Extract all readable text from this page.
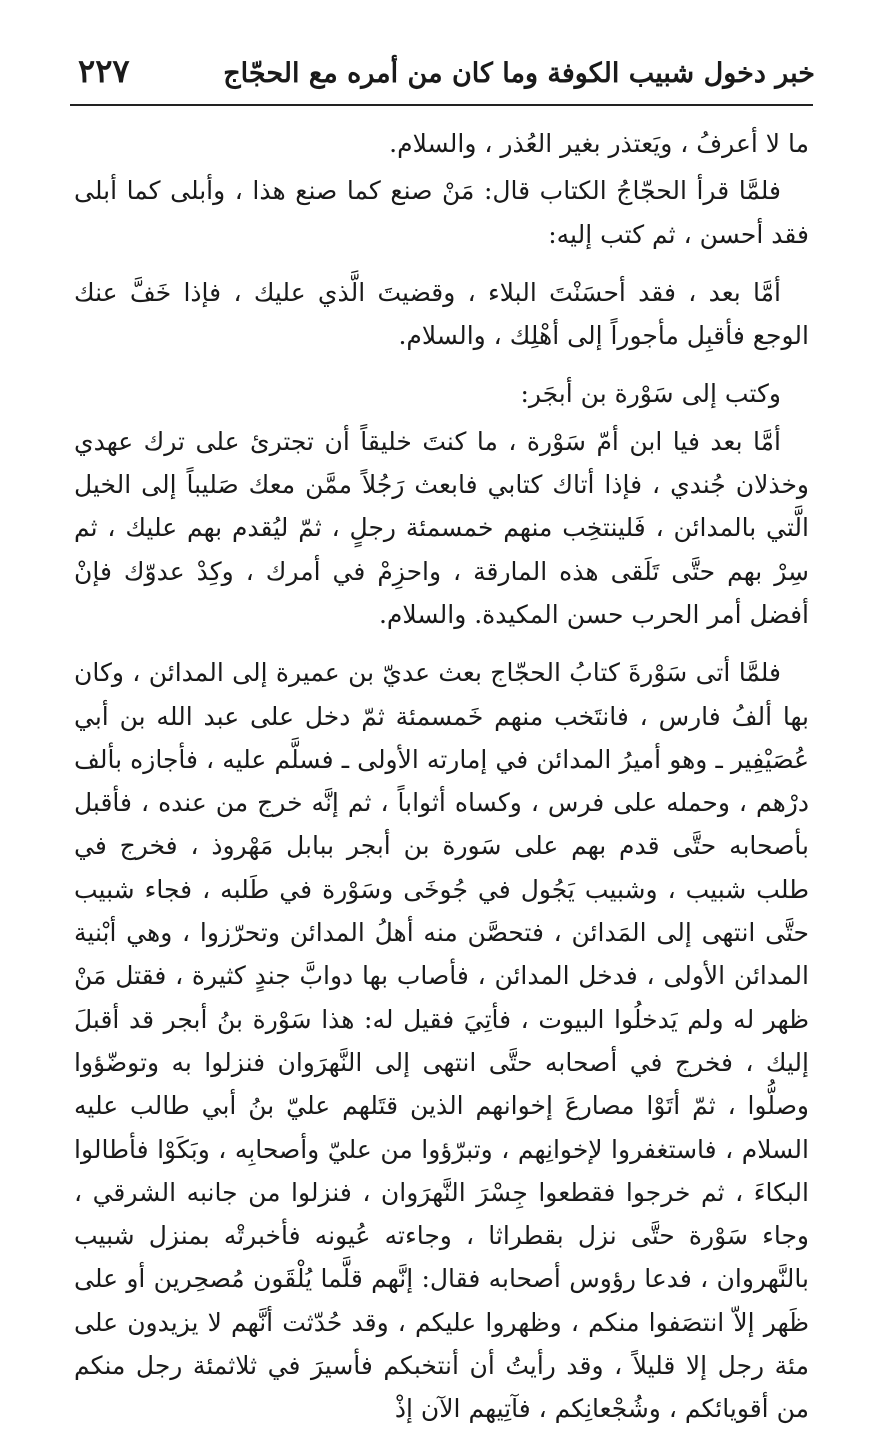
خبر دخول شبيب الكوفة وما كان من أمره مع الحجّاج
٢٢٧

ما لا أعرفُ ، ويَعتذر بغير العُذر ، والسلام.

فلمَّا قرأ الحجّاجُ الكتاب قال: مَنْ صنع كما صنع هذا ، وأبلى كما أبلى فقد أحسن ، ثم كتب إليه:

أمَّا بعد ، فقد أحسَنْتَ البلاء ، وقضيتَ الَّذي عليك ، فإذا خَفَّ عنك الوجع فأقبِل مأجوراً إلى أهْلِك ، والسلام.

وكتب إلى سَوْرة بن أبجَر:

أمَّا بعد فيا ابن أمّ سَوْرة ، ما كنتَ خليقاً أن تجترئ على ترك عهدي وخذلان جُندي ، فإذا أتاك كتابي فابعث رَجُلاً ممَّن معك صَليباً إلى الخيل الَّتي بالمدائن ، فَلينتخِب منهم خمسمئة رجلٍ ، ثمّ ليُقدم بهم عليك ، ثم سِرْ بهم حتَّى تَلَقى هذه المارقة ، واحزِمْ في أمرك ، وكِدْ عدوّك فإنْ أفضل أمر الحرب حسن المكيدة. والسلام.

فلمَّا أتى سَوْرةَ كتابُ الحجّاج بعث عديّ بن عميرة إلى المدائن ، وكان بها ألفُ فارس ، فانتَخب منهم خَمسمئة ثمّ دخل على عبد الله بن أبي عُصَيْفِير ـ وهو أميرُ المدائن في إمارته الأولى ـ فسلَّم عليه ، فأجازه بألف درْهم ، وحمله على فرس ، وكساه أثواباً ، ثم إنَّه خرج من عنده ، فأقبل بأصحابه حتَّى قدم بهم على سَورة بن أبجر ببابل مَهْروذ ، فخرج في طلب شبيب ، وشبيب يَجُول في جُوخَى وسَوْرة في طَلبه ، فجاء شبيب حتَّى انتهى إلى المَدائن ، فتحصَّن منه أهلُ المدائن وتحرّزوا ، وهي أبْنية المدائن الأولى ، فدخل المدائن ، فأصاب بها دوابَّ جندٍ كثيرة ، فقتل مَنْ ظهر له ولم يَدخلُوا البيوت ، فأتِيَ فقيل له: هذا سَوْرة بنُ أبجر قد أقبلَ إليك ، فخرج في أصحابه حتَّى انتهى إلى النَّهرَوان فنزلوا به وتوضّؤوا وصلُّوا ، ثمّ أتَوْا مصارعَ إخوانهم الذين قتَلهم عليّ بنُ أبي طالب عليه السلام ، فاستغفروا لإخوانِهم ، وتبرّؤوا من عليّ وأصحابِه ، وبَكَوْا فأطالوا البكاءَ ، ثم خرجوا فقطعوا جِسْرَ النَّهرَوان ، فنزلوا من جانبه الشرقي ، وجاء سَوْرة حتَّى نزل بقطراثا ، وجاءته عُيونه فأخبرتْه بمنزل شبيب بالنَّهروان ، فدعا رؤوس أصحابه فقال: إنَّهم قلَّما يُلْقَون مُصحِرين أو على ظَهر إلاّ انتصَفوا منكم ، وظهروا عليكم ، وقد حُدّثت أنَّهم لا يزيدون على مئة رجل إلا قليلاً ، وقد رأيتُ أن أنتخبكم فأسيرَ في ثلاثمئة رجل منكم من أقويائكم ، وشُجْعانِكم ، فآتِيهم الآن إذْ
